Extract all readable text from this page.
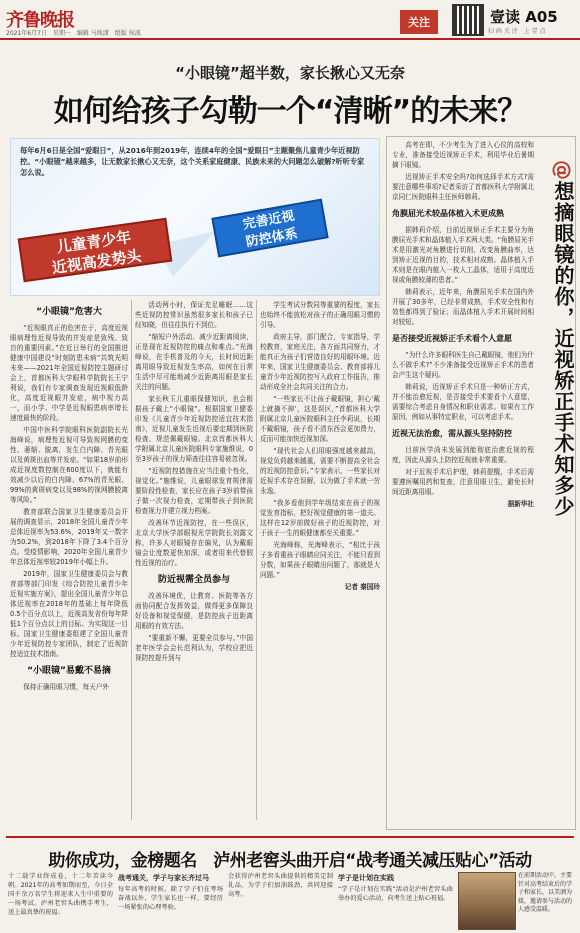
齐鲁晚报
2021年6月7日　星期一　编辑 马纯潇　组版 侯波
关注	壹读 A05
扫 码 关 注　上 壹 点
“小眼镜”超半数，家长揪心又无奈
如何给孩子勾勒一个“清晰”的未来？
每年6月6日是全国“爱眼日”，从2016年到2019年，连续4年的全国“爱眼日”主题聚焦儿童青少年近视防控。“小眼镜”越来越多，让无数家长揪心又无奈，这个关系家庭健康、民族未来的大问题怎么破解?听听专家怎么说。
儿童青少年
近视高发势头
完善近视
防控体系
“小眼镜”危害大

“近视眼真正的危害在于，高度近视眼病理性近视导致的并发症是致残、致盲的重要因素。”在近日举行的全国推进健康中国建设“时刻防患未病”共筑光明未来——2021年全国近视防控主题研讨会上，首都医科大学眼科学院院长王宁利说，我们有专家调查发现近视眼低龄化，高度近视眼并发症，病中视力高一，而小学、中学是近视眼患病率增长速度最快的阶段。

中国中医科学院眼科医院副院长光海峰说，病理性近视可导致视网膜的变性、萎缩、脱离，发生白内障、青光眼以及黄斑出血等并发症。“如果18岁前形成近视度数控制在600度以下，就能有效减少以后的白内障、67%的青光眼、99%的黄斑病变以及98%的视网膜脱离等风险。”

教育部联合国家卫生健康委员会开展的调查显示，2018年全国儿童青少年总体近视率为53.6%，2019年又一数字为50.2%，到2018年下降了3.4个百分点。受疫情影响，2020年全国儿童青少年总体近视率较2019年小幅上升。

2019年，国家卫生健康委员会与教育部等部门印发《综合防控儿童青少年近视实施方案》，提出全国儿童青少年总体近视率在2018年的基础上每年降低0.5个百分点以上，近视高发省份每年降低1个百分点以上的目标。为实现这一目标，国家卫生健康委组建了全国儿童青少年近视防控专家团队，制定了近视防控适宜技术指南。

“小眼镜”易戴不易摘

保持正确用眼习惯，每天户外

活动两小时，保证充足睡眠……这些近视防控常识虽然很多家长和孩子已经知晓，但往往执行不到位。

“缩短户外活动、减少近距离阅读，正是现在近视防控的痛点和难点。”光海峰说，在手机普及的今天，长时间近距离用眼导致近视发生率高，如何在日常生活中尽可能地减少近距离用眼是家长关注的问题。

家长秋玉儿重眼保健知识，也会根据孩子戴上“小眼镜”。根据国家卫健委印发《儿童青少年近视防控适宜技术指南》，近视儿童发生近视后要定期到医院检查，规范佩戴眼镜。北京首都医科大学附属北京儿童医院眼科专家施维说，0至3岁孩子的视力筛查往往容易被忽视。

“近视防控措施在应当注重个性化，视觉化。”施维说，儿童眼球发育规律需要阶段性检查，家长应在孩子3岁前带孩子做一次视力检查，定期带孩子到医院检查视力并建立视力档案。

改善环节近视防控，在一些误区，北京大学医学部眼视光学院院长刘露文称，许多人对眼镜存在偏见，认为戴眼镜会让度数更快加深，或者用来代替假性近视的治疗。

防近视需全员参与

改善环境优，让教育、医院等各方面协同配合发挥效益，做得更多保障良好设备和视觉保健，是防控孩子近距离用眼的有效方法。

“要重新不懈，更要全员参与。”中国老年医学会会长范利认为，学校应把近视防控提升到与

学生考试分数同等重要的程度，家长也始终不能放松对孩子的正确用眼习惯的引导。

政府主导，部门配合，专家指导，学校教育，家庭关注，各方面共同努力，才能真正为孩子们营造良好的用眼环境。近年来，国家卫生健康委员会、教育部将儿童青少年近视防控写入政府工作报告，推动形成全社会共同关注的合力。

“一些家长不让孩子戴眼镜，担心‘戴上就摘不掉’，这是误区，”首都医科大学附属北京儿童医院眼科主任李莉说，长期不戴眼镜，孩子看不清东西会更加费力，反而可能加快近视加深。

“现代社会人们用眼强度越来越高，视觉负荷越来越重，需要不断提高全社会的近视防控意识。”专家表示，一些家长对近视手术存在误解，以为做了手术就一劳永逸。

“我多看他到学年级结束在孩子的视觉发育指标，把好视觉健康的第一道关。这样在12岁前做好孩子的近视防控，对于孩子一生的眼健康都至关重要。”

光海峰称，光海峰表示，“相比于孩子多看重孩子眼睛应同关注，不能只看到分数，如果孩子眼睛出问题了，那就是大问题。”

记者 秦国玲

高考在即，不少考生为了进入心仪的高校和专业，准备接受近视矫正手术，利用毕业后暑期摘下眼镜。

近视矫正手术安全吗?如何选择手术方式?需要注意哪些事项?记者采访了首都医科大学附属北京同仁医院眼科主任医师韩莉。

角膜屈光术较晶体植入术更成熟

据韩莉介绍，目前近视矫正手术主要分为角膜屈光手术和晶体植入手术两大类。“角膜屈光手术是用激光对角膜进行切削，改变角膜曲率，达到矫正近视的目的，技术相对成熟。晶体植入手术则是在眼内植入一枚人工晶体，适用于高度近视或角膜较薄的患者。”

韩莉表示，近年来，角膜屈光手术在国内外开展了30多年，已经非常成熟，手术安全性和有效性都得到了验证；而晶体植入手术开展时间相对较短。

是否接受近视矫正手术看个人意愿

“为什么许多眼科医生自己戴眼镜，他们为什么不做手术?”不少准备接受近视矫正手术的患者会产生这个疑问。

韩莉说，近视矫正手术只是一种矫正方式，并不能治愈近视，是否接受手术要看个人意愿，需要综合考虑自身情况和职业需求。如果有工作原因，例如从事特定职业，可以考虑手术。

近视无法治愈，需从源头坚持防控

目前医学尚未发展到能彻底治愈近视的程度，因此从源头上防控近视就非常重要。

对于近视手术后护理，韩莉提醒，手术后需要遵医嘱用药和复查，注意用眼卫生，避免长时间近距离用眼。

据新华社
@想摘眼镜的你，近视矫正手术知多少
助你成功，金榜题名　泸州老窖头曲开启“战考通关减压贴心”活动
十二载学业终成卷，十二年苦读今朝。2021年的高考如期而至，今日全国千余万名学生将迎来人生中重要的一场考试。泸州老窖头曲携手考生，送上最真挚的祝福。
战考通关，学子与家长齐过马
每年高考的时候，除了学子们在考场奋战以外，学生家长也一样，要经历一场紧张的心理考验。
会获得泸州老窖头曲提供的精美定制礼品，为学子们加油鼓劲，共同迎接高考。
学子是计划在实践
“学子是计划在实践”活动是泸州老窖头曲举办的爱心活动，向考生送上贴心祝福。
在前期活动中，主要针对高考结束后的学子和家长，以美酒为媒，邀请参与活动的人感受温暖。
